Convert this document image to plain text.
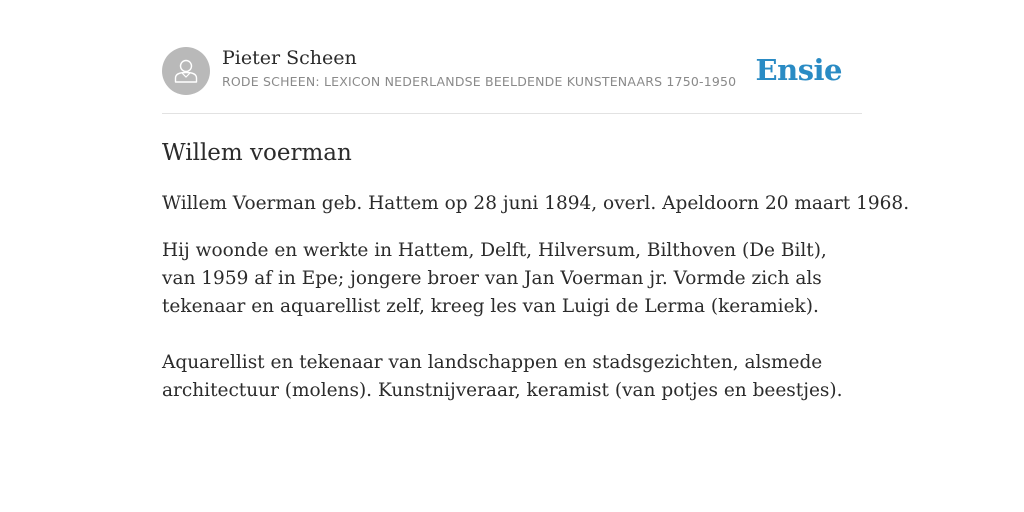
Pieter Scheen
RODE SCHEEN: LEXICON NEDERLANDSE BEELDENDE KUNSTENAARS 1750-1950 Ensie
Willem voerman

Willem Voerman geb. Hattem op 28 juni 1894, overl. Apeldoorn 20 maart 1968.

Hij woonde en werkte in Hattem, Delft, Hilversum, Bilthoven (De Bilt), van 1959 af in Epe; jongere broer van Jan Voerman jr. Vormde zich als tekenaar en aquarellist zelf, kreeg les van Luigi de Lerma (keramiek).

Aquarellist en tekenaar van landschappen en stadsgezichten, alsmede architectuur (molens). Kunstnijveraar, keramist (van potjes en beestjes).
